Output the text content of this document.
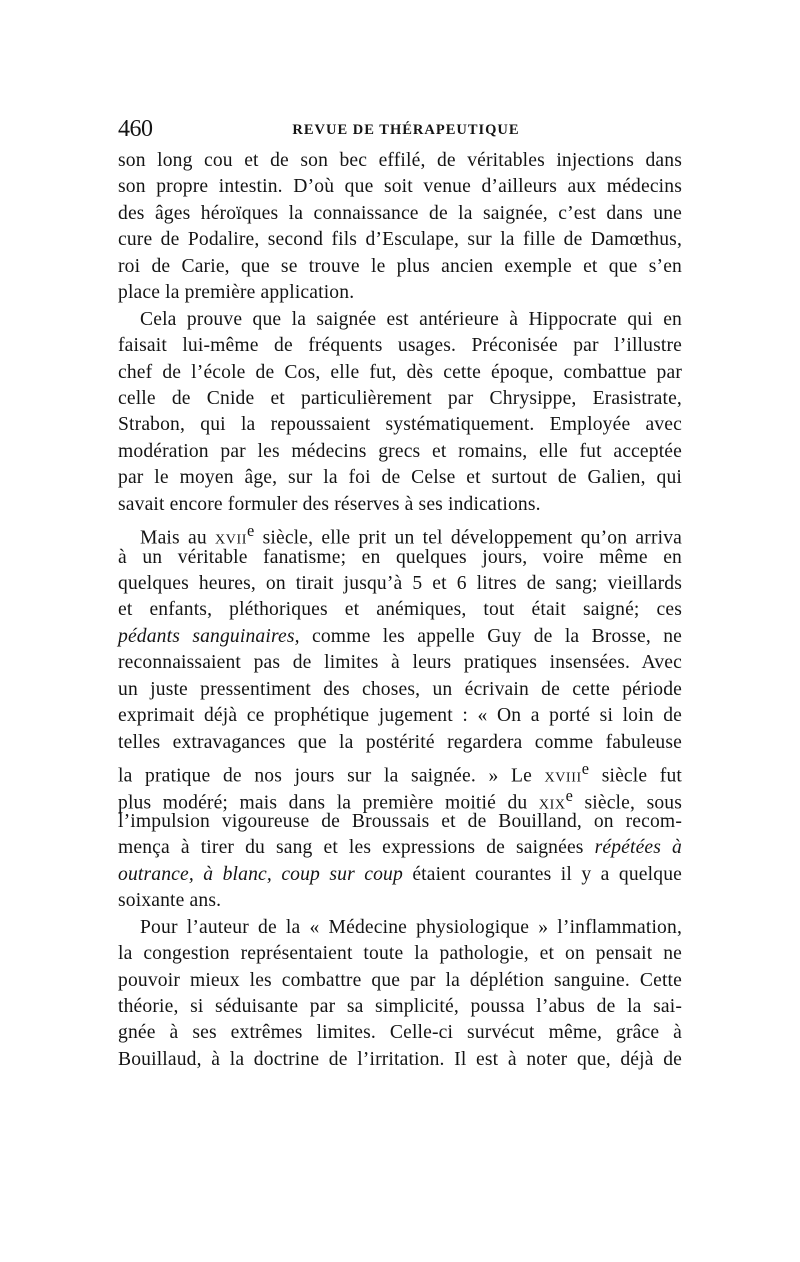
460	REVUE DE THÉRAPEUTIQUE
son long cou et de son bec effilé, de véritables injections dans
son propre intestin. D’où que soit venue d’ailleurs aux médecins
des âges héroïques la connaissance de la saignée, c’est dans une
cure de Podalire, second fils d’Esculape, sur la fille de Damœthus,
roi de Carie, que se trouve le plus ancien exemple et que s’en
place la première application.
Cela prouve que la saignée est antérieure à Hippocrate qui en
faisait lui-même de fréquents usages. Préconisée par l’illustre
chef de l’école de Cos, elle fut, dès cette époque, combattue par
celle de Cnide et particulièrement par Chrysippe, Erasistrate,
Strabon, qui la repoussaient systématiquement. Employée avec
modération par les médecins grecs et romains, elle fut acceptée
par le moyen âge, sur la foi de Celse et surtout de Galien, qui
savait encore formuler des réserves à ses indications.
Mais au XVIIe siècle, elle prit un tel développement qu’on arriva
à un véritable fanatisme; en quelques jours, voire même en
quelques heures, on tirait jusqu’à 5 et 6 litres de sang; vieillards
et enfants, pléthoriques et anémiques, tout était saigné; ces
pédants sanguinaires, comme les appelle Guy de la Brosse, ne
reconnaissaient pas de limites à leurs pratiques insensées. Avec
un juste pressentiment des choses, un écrivain de cette période
exprimait déjà ce prophétique jugement : « On a porté si loin de
telles extravagances que la postérité regardera comme fabuleuse
la pratique de nos jours sur la saignée. » Le XVIIIe siècle fut
plus modéré; mais dans la première moitié du XIXe siècle, sous
l’impulsion vigoureuse de Broussais et de Bouilland, on recom-
mença à tirer du sang et les expressions de saignées répétées à
outrance, à blanc, coup sur coup étaient courantes il y a quelque
soixante ans.
Pour l’auteur de la « Médecine physiologique » l’inflammation,
la congestion représentaient toute la pathologie, et on pensait ne
pouvoir mieux les combattre que par la déplétion sanguine. Cette
théorie, si séduisante par sa simplicité, poussa l’abus de la sai-
gnée à ses extrêmes limites. Celle-ci survécut même, grâce à
Bouillaud, à la doctrine de l’irritation. Il est à noter que, déjà de
